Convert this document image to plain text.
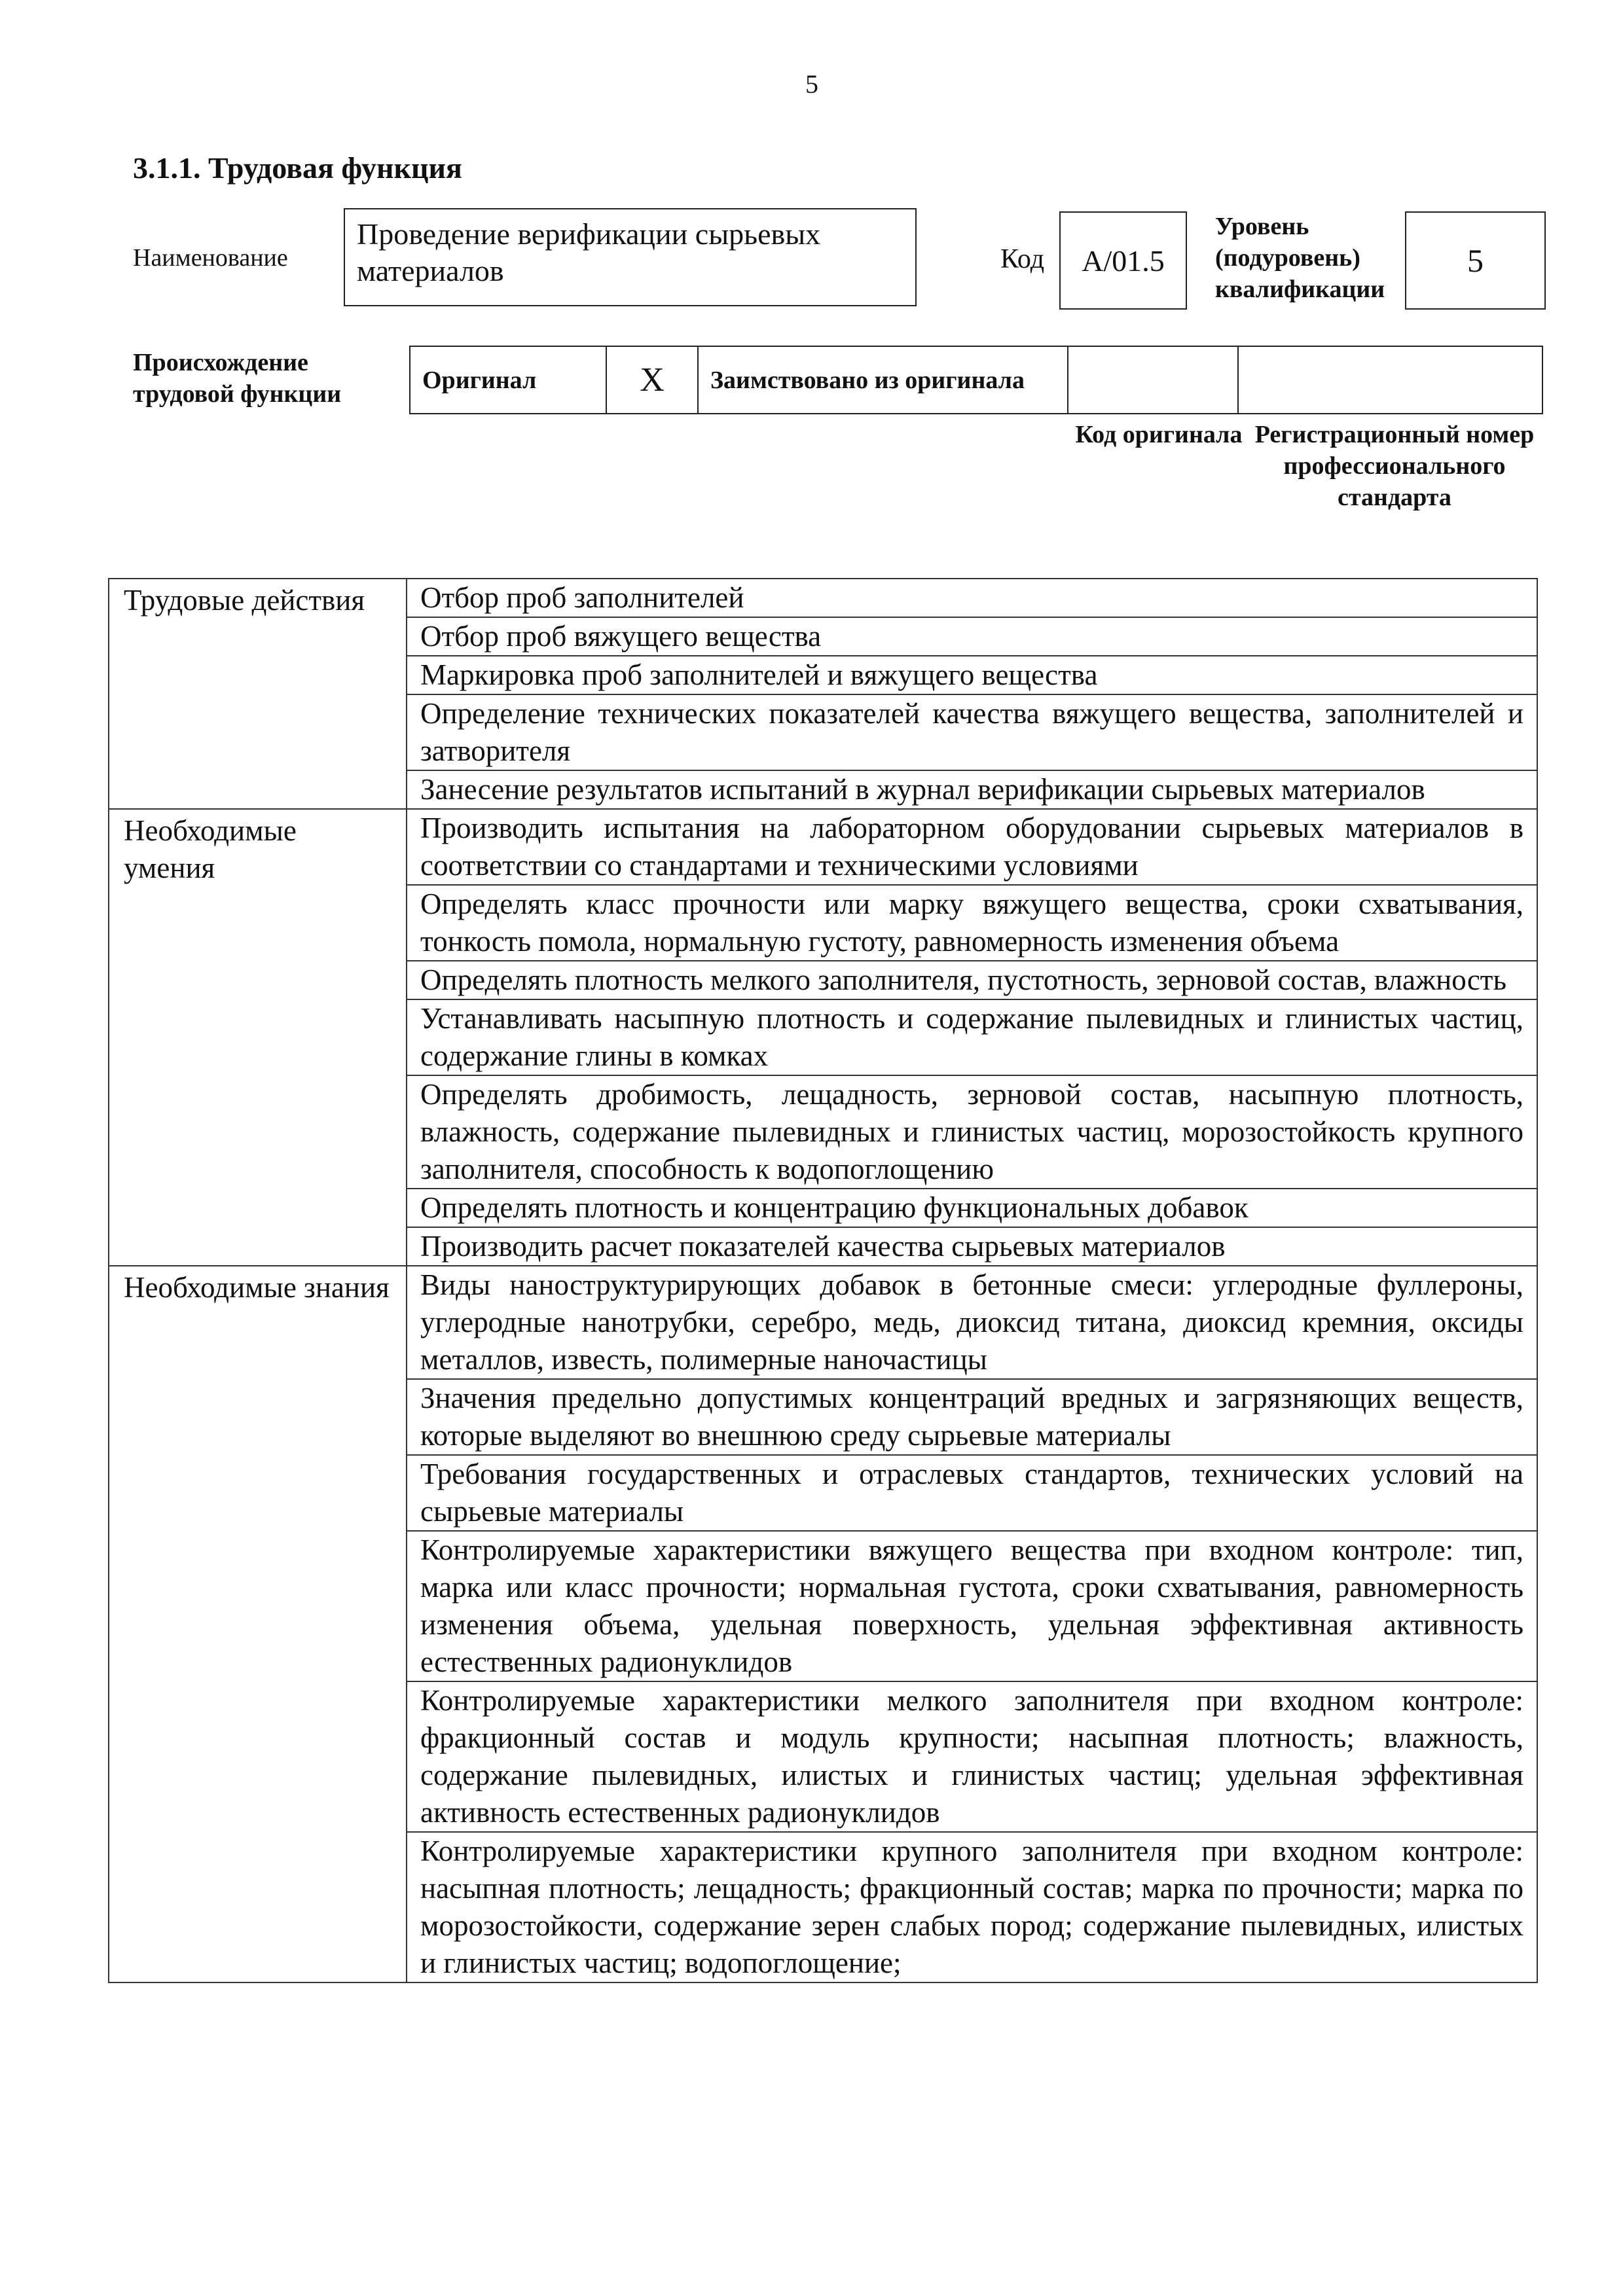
5
3.1.1. Трудовая функция
Наименование
Проведение верификации сырьевых материалов	Код	A/01.5
Уровень (подуровень) квалификации
5
Происхождение трудовой функции
Оригинал	X	Заимствовано из оригинала		
Код оригинала Регистрационный номер профессионального стандарта
Трудовые действия	Отбор проб заполнителей
	Отбор проб вяжущего вещества
	Маркировка проб заполнителей и вяжущего вещества
	Определение технических показателей качества вяжущего вещества, заполнителей и затворителя
	Занесение результатов испытаний в журнал верификации сырьевых материалов
Необходимые умения	Производить испытания на лабораторном оборудовании сырьевых материалов в соответствии со стандартами и техническими условиями
	Определять класс прочности или марку вяжущего вещества, сроки схватывания, тонкость помола, нормальную густоту, равномерность изменения объема
	Определять плотность мелкого заполнителя, пустотность, зерновой состав, влажность
	Устанавливать насыпную плотность и содержание пылевидных и глинистых частиц, содержание глины в комках
	Определять дробимость, лещадность, зерновой состав, насыпную плотность, влажность, содержание пылевидных и глинистых частиц, морозостойкость крупного заполнителя, способность к водопоглощению
	Определять плотность и концентрацию функциональных добавок
	Производить расчет показателей качества сырьевых материалов
Необходимые знания	Виды наноструктурирующих добавок в бетонные смеси: углеродные фуллероны, углеродные нанотрубки, серебро, медь, диоксид титана, диоксид кремния, оксиды металлов, известь, полимерные наночастицы
	Значения предельно допустимых концентраций вредных и загрязняющих веществ, которые выделяют во внешнюю среду сырьевые материалы
	Требования государственных и отраслевых стандартов, технических условий на сырьевые материалы
	Контролируемые характеристики вяжущего вещества при входном контроле: тип, марка или класс прочности; нормальная густота, сроки схватывания, равномерность изменения объема, удельная поверхность, удельная эффективная активность естественных радионуклидов
	Контролируемые характеристики мелкого заполнителя при входном контроле: фракционный состав и модуль крупности; насыпная плотность; влажность, содержание пылевидных, илистых и глинистых частиц; удельная эффективная активность естественных радионуклидов
	Контролируемые характеристики крупного заполнителя при входном контроле: насыпная плотность; лещадность; фракционный состав; марка по прочности; марка по морозостойкости, содержание зерен слабых пород; содержание пылевидных, илистых и глинистых частиц; водопоглощение;
